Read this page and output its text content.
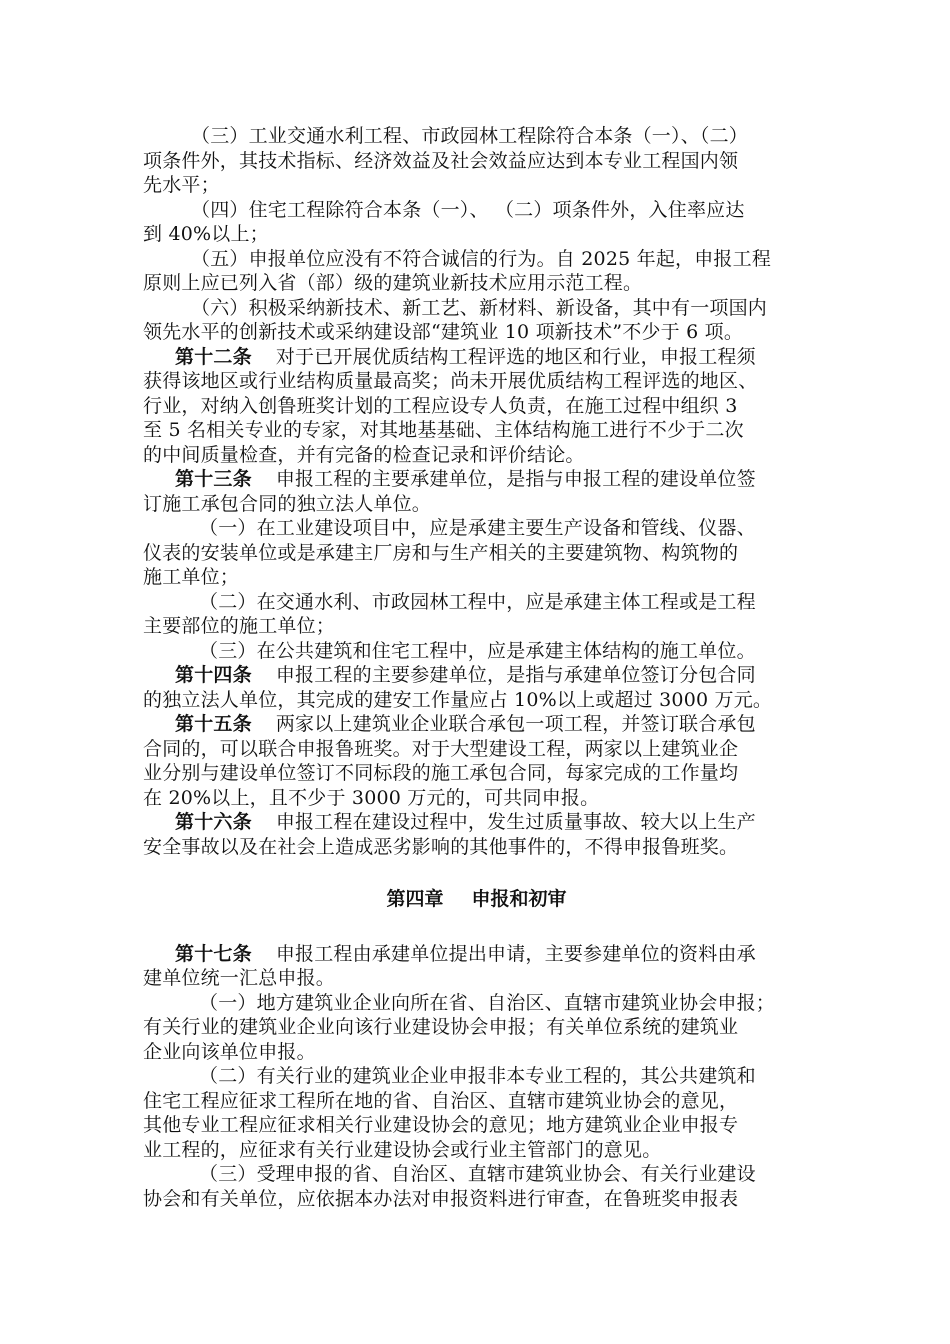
（三）工业交通水利工程、市政园林工程除符合本条（一）、（二）
项条件外，其技术指标、经济效益及社会效益应达到本专业工程国内领
先水平；
（四）住宅工程除符合本条（一）、 （二）项条件外，入住率应达
到 40%以上；
（五）申报单位应没有不符合诚信的行为。自 2025 年起，申报工程
原则上应已列入省（部）级的建筑业新技术应用示范工程。
（六）积极采纳新技术、新工艺、新材料、新设备，其中有一项国内
领先水平的创新技术或采纳建设部“建筑业 10 项新技术”不少于 6 项。
第十二条 对于已开展优质结构工程评选的地区和行业，申报工程须
获得该地区或行业结构质量最高奖；尚未开展优质结构工程评选的地区、
行业，对纳入创鲁班奖计划的工程应设专人负责，在施工过程中组织 3
至 5 名相关专业的专家，对其地基基础、主体结构施工进行不少于二次
的中间质量检查，并有完备的检查记录和评价结论。
第十三条 申报工程的主要承建单位，是指与申报工程的建设单位签
订施工承包合同的独立法人单位。
（一）在工业建设项目中，应是承建主要生产设备和管线、仪器、
仪表的安装单位或是承建主厂房和与生产相关的主要建筑物、构筑物的
施工单位；
（二）在交通水利、市政园林工程中，应是承建主体工程或是工程
主要部位的施工单位；
（三）在公共建筑和住宅工程中，应是承建主体结构的施工单位。
第十四条 申报工程的主要参建单位，是指与承建单位签订分包合同
的独立法人单位，其完成的建安工作量应占 10%以上或超过 3000 万元。
第十五条 两家以上建筑业企业联合承包一项工程，并签订联合承包
合同的，可以联合申报鲁班奖。对于大型建设工程，两家以上建筑业企
业分别与建设单位签订不同标段的施工承包合同，每家完成的工作量均
在 20%以上，且不少于 3000 万元的，可共同申报。
第十六条 申报工程在建设过程中，发生过质量事故、较大以上生产
安全事故以及在社会上造成恶劣影响的其他事件的，不得申报鲁班奖。
第四章 申报和初审
第十七条 申报工程由承建单位提出申请，主要参建单位的资料由承
建单位统一汇总申报。
（一）地方建筑业企业向所在省、自治区、直辖市建筑业协会申报；
有关行业的建筑业企业向该行业建设协会申报；有关单位系统的建筑业
企业向该单位申报。
（二）有关行业的建筑业企业申报非本专业工程的，其公共建筑和
住宅工程应征求工程所在地的省、自治区、直辖市建筑业协会的意见，
其他专业工程应征求相关行业建设协会的意见；地方建筑业企业申报专
业工程的，应征求有关行业建设协会或行业主管部门的意见。
（三）受理申报的省、自治区、直辖市建筑业协会、有关行业建设
协会和有关单位，应依据本办法对申报资料进行审查，在鲁班奖申报表
